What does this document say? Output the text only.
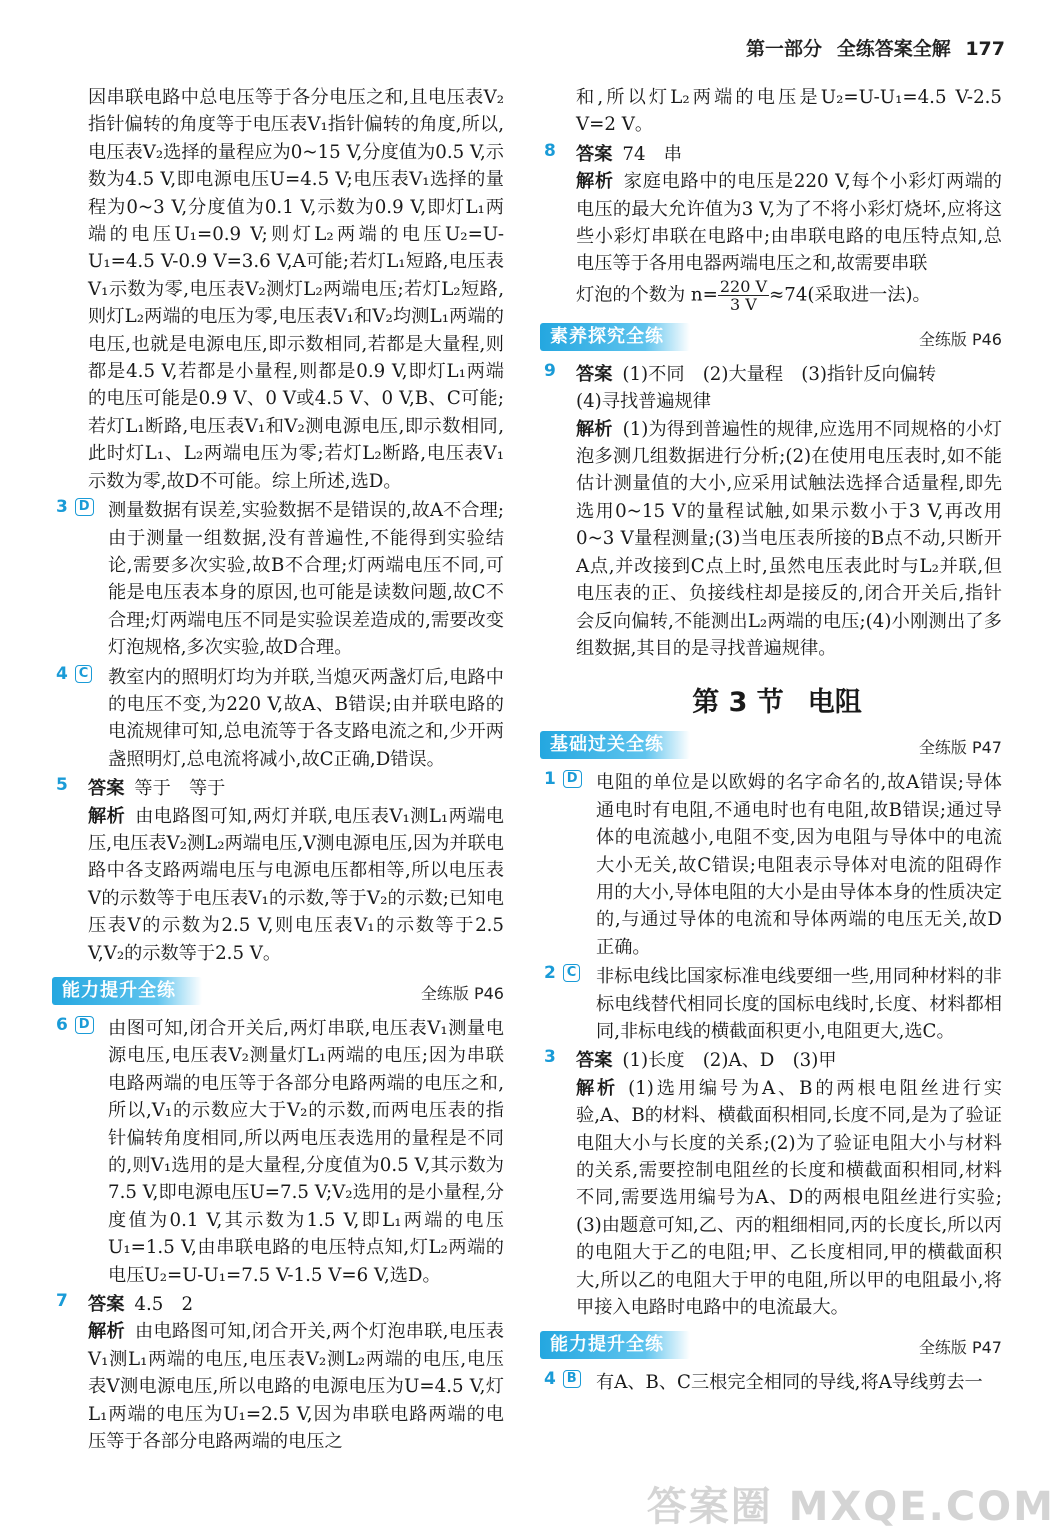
第一部分 全练答案全解 177

因串联电路中总电压等于各分电压之和,且电压表V₂指针偏转的角度等于电压表V₁指针偏转的角度,所以,电压表V₂选择的量程应为0~15 V,分度值为0.5 V,示数为4.5 V,即电源电压U=4.5 V;电压表V₁选择的量程为0~3 V,分度值为0.1 V,示数为0.9 V,即灯L₁两端的电压U₁=0.9 V;则灯L₂两端的电压U₂=U-U₁=4.5 V-0.9 V=3.6 V,A可能;若灯L₁短路,电压表V₁示数为零,电压表V₂测灯L₂两端电压;若灯L₂短路,则灯L₂两端的电压为零,电压表V₁和V₂均测L₁两端的电压,也就是电源电压,即示数相同,若都是大量程,则都是4.5 V,若都是小量程,则都是0.9 V,即灯L₁两端的电压可能是0.9 V、0 V或4.5 V、0 V,B、C可能;若灯L₁断路,电压表V₁和V₂测电源电压,即示数相同,此时灯L₁、L₂两端电压为零;若灯L₂断路,电压表V₁示数为零,故D不可能。综上所述,选D。

3 D	测量数据有误差,实验数据不是错误的,故A不合理;由于测量一组数据,没有普遍性,不能得到实验结论,需要多次实验,故B不合理;灯两端电压不同,可能是电压表本身的原因,也可能是读数问题,故C不合理;灯两端电压不同是实验误差造成的,需要改变灯泡规格,多次实验,故D合理。

4 C	教室内的照明灯均为并联,当熄灭两盏灯后,电路中的电压不变,为220 V,故A、B错误;由并联电路的电流规律可知,总电流等于各支路电流之和,少开两盏照明灯,总电流将减小,故C正确,D错误。

5	答案 等于　等于

解析 由电路图可知,两灯并联,电压表V₁测L₁两端电压,电压表V₂测L₂两端电压,V测电源电压,因为并联电路中各支路两端电压与电源电压都相等,所以电压表V的示数等于电压表V₁的示数,等于V₂的示数;已知电压表V的示数为2.5 V,则电压表V₁的示数等于2.5 V,V₂的示数等于2.5 V。

能力提升全练	全练版 P46
6 D	由图可知,闭合开关后,两灯串联,电压表V₁测量电源电压,电压表V₂测量灯L₁两端的电压;因为串联电路两端的电压等于各部分电路两端的电压之和,所以,V₁的示数应大于V₂的示数,而两电压表的指针偏转角度相同,所以两电压表选用的量程是不同的,则V₁选用的是大量程,分度值为0.5 V,其示数为7.5 V,即电源电压U=7.5 V;V₂选用的是小量程,分度值为0.1 V,其示数为1.5 V,即L₁两端的电压U₁=1.5 V,由串联电路的电压特点知,灯L₂两端的电压U₂=U-U₁=7.5 V-1.5 V=6 V,选D。

7	答案 4.5　2

解析 由电路图可知,闭合开关,两个灯泡串联,电压表V₁测L₁两端的电压,电压表V₂测L₂两端的电压,电压表V测电源电压,所以电路的电源电压为U=4.5 V,灯L₁两端的电压为U₁=2.5 V,因为串联电路两端的电压等于各部分电路两端的电压之

和,所以灯L₂两端的电压是U₂=U-U₁=4.5 V-2.5 V=2 V。

8	答案 74　串

解析 家庭电路中的电压是220 V,每个小彩灯两端的电压的最大允许值为3 V,为了不将小彩灯烧坏,应将这些小彩灯串联在电路中;由串联电路的电压特点知,总电压等于各用电器两端电压之和,故需要串联

灯泡的个数为 $n= \frac{220 V}{3 V} \approx 74$(采取进一法)。

素养探究全练	全练版 P46
9	答案 (1)不同　(2)大量程　(3)指针反向偏转

(4)寻找普遍规律

解析 (1)为得到普遍性的规律,应选用不同规格的小灯泡多测几组数据进行分析;(2)在使用电压表时,如不能估计测量值的大小,应采用试触法选择合适量程,即先选用0~15 V的量程试触,如果示数小于3 V,再改用0~3 V量程测量;(3)当电压表所接的B点不动,只断开A点,并改接到C点上时,虽然电压表此时与L₂并联,但电压表的正、负接线柱却是接反的,闭合开关后,指针会反向偏转,不能测出L₂两端的电压;(4)小刚测出了多组数据,其目的是寻找普遍规律。

第 3 节 电阻
基础过关全练	全练版 P47
1 D	电阻的单位是以欧姆的名字命名的,故A错误;导体通电时有电阻,不通电时也有电阻,故B错误;通过导体的电流越小,电阻不变,因为电阻与导体中的电流大小无关,故C错误;电阻表示导体对电流的阻碍作用的大小,导体电阻的大小是由导体本身的性质决定的,与通过导体的电流和导体两端的电压无关,故D正确。

2 C	非标电线比国家标准电线要细一些,用同种材料的非标电线替代相同长度的国标电线时,长度、材料都相同,非标电线的横截面积更小,电阻更大,选C。

3	答案 (1)长度　(2)A、D　(3)甲

解析 (1)选用编号为A、B的两根电阻丝进行实验,A、B的材料、横截面积相同,长度不同,是为了验证电阻大小与长度的关系;(2)为了验证电阻大小与材料的关系,需要控制电阻丝的长度和横截面积相同,材料不同,需要选用编号为A、D的两根电阻丝进行实验;(3)由题意可知,乙、丙的粗细相同,丙的长度长,所以丙的电阻大于乙的电阻;甲、乙长度相同,甲的横截面积大,所以乙的电阻大于甲的电阻,所以甲的电阻最小,将甲接入电路时电路中的电流最大。

能力提升全练	全练版 P47
4 B	有A、B、C三根完全相同的导线,将A导线剪去一

答案圈 MXQE.COM
